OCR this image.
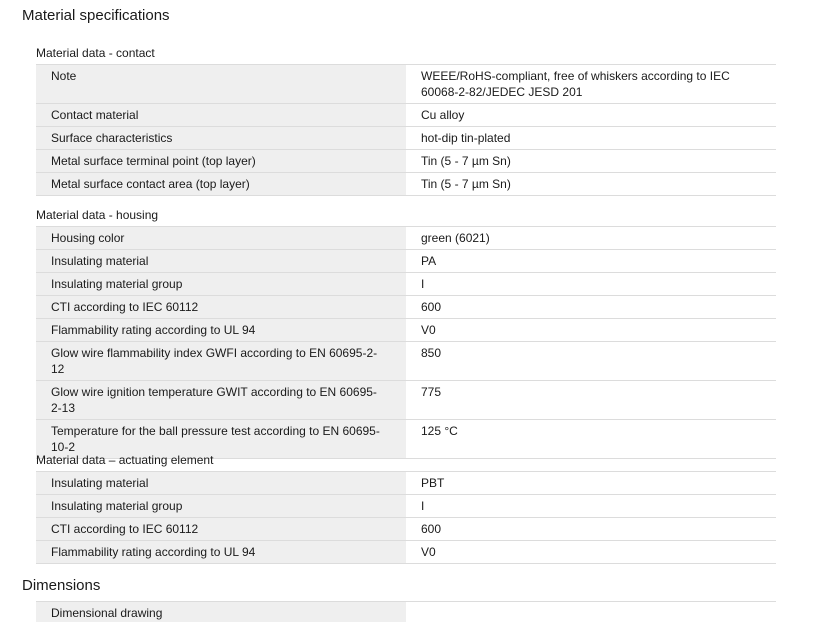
Material specifications
Material data - contact
Note	WEEE/RoHS-compliant, free of whiskers according to IEC 60068-2-82/JEDEC JESD 201
Contact material	Cu alloy
Surface characteristics	hot-dip tin-plated
Metal surface terminal point (top layer)	Tin (5 - 7 µm Sn)
Metal surface contact area (top layer)	Tin (5 - 7 µm Sn)
Material data - housing
Housing color	green (6021)
Insulating material	PA
Insulating material group	I
CTI according to IEC 60112	600
Flammability rating according to UL 94	V0
Glow wire flammability index GWFI according to EN 60695-2-12	850
Glow wire ignition temperature GWIT according to EN 60695-2-13	775
Temperature for the ball pressure test according to EN 60695-10-2	125 °C
Material data – actuating element
Insulating material	PBT
Insulating material group	I
CTI according to IEC 60112	600
Flammability rating according to UL 94	V0
Dimensions
Dimensional drawing	
